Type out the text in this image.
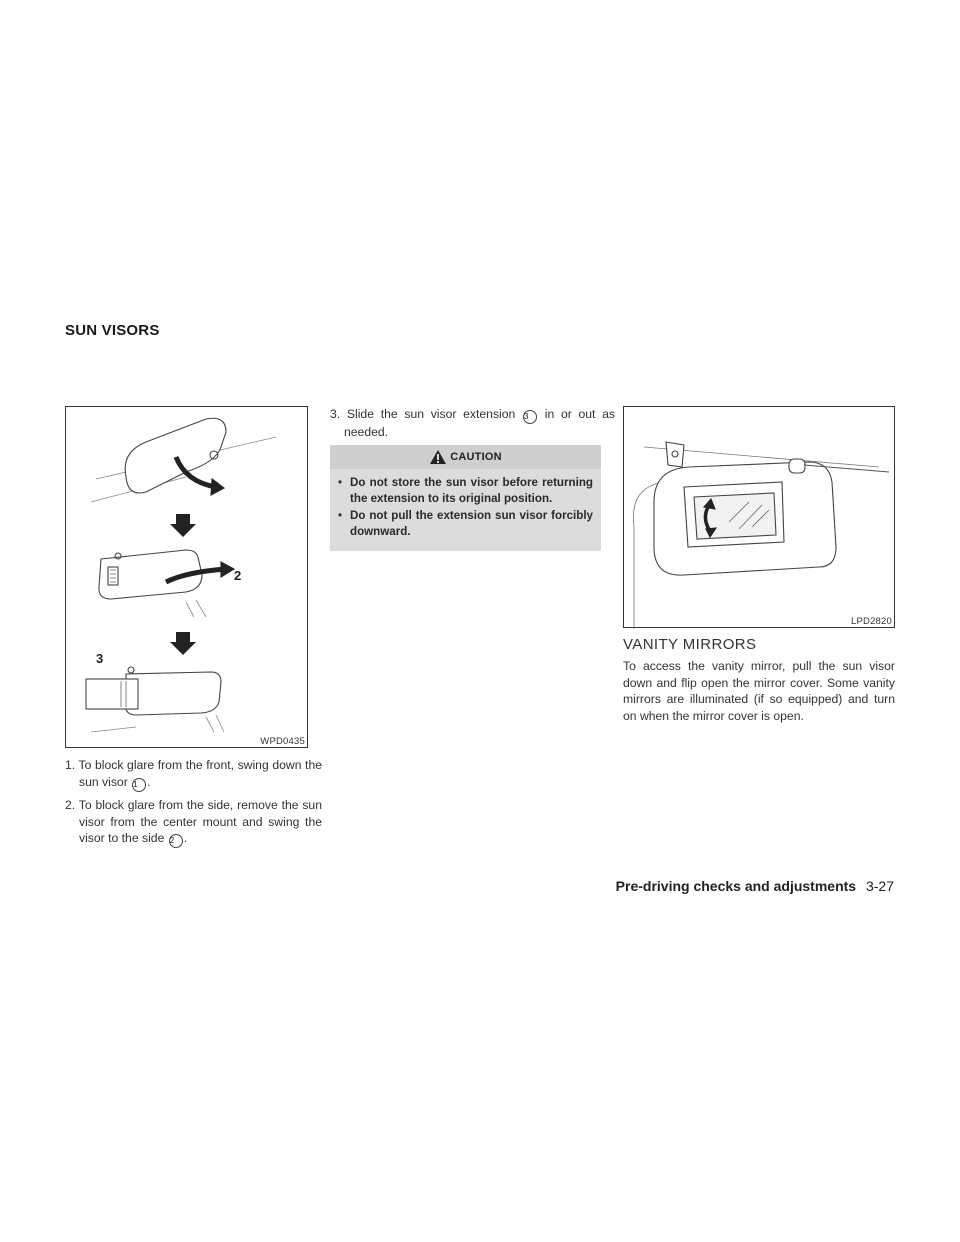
SUN VISORS
1
2
3
WPD0435
1. To block glare from the front, swing down the sun visor 1 .
2. To block glare from the side, remove the sun visor from the center mount and swing the visor to the side 2 .
3. Slide the sun visor extension 3 in or out as needed.
CAUTION
• Do not store the sun visor before returning the extension to its original position.
• Do not pull the extension sun visor forcibly downward.
LPD2820
VANITY MIRRORS
To access the vanity mirror, pull the sun visor down and flip open the mirror cover. Some vanity mirrors are illuminated (if so equipped) and turn on when the mirror cover is open.
Pre-driving checks and adjustments 3-27
